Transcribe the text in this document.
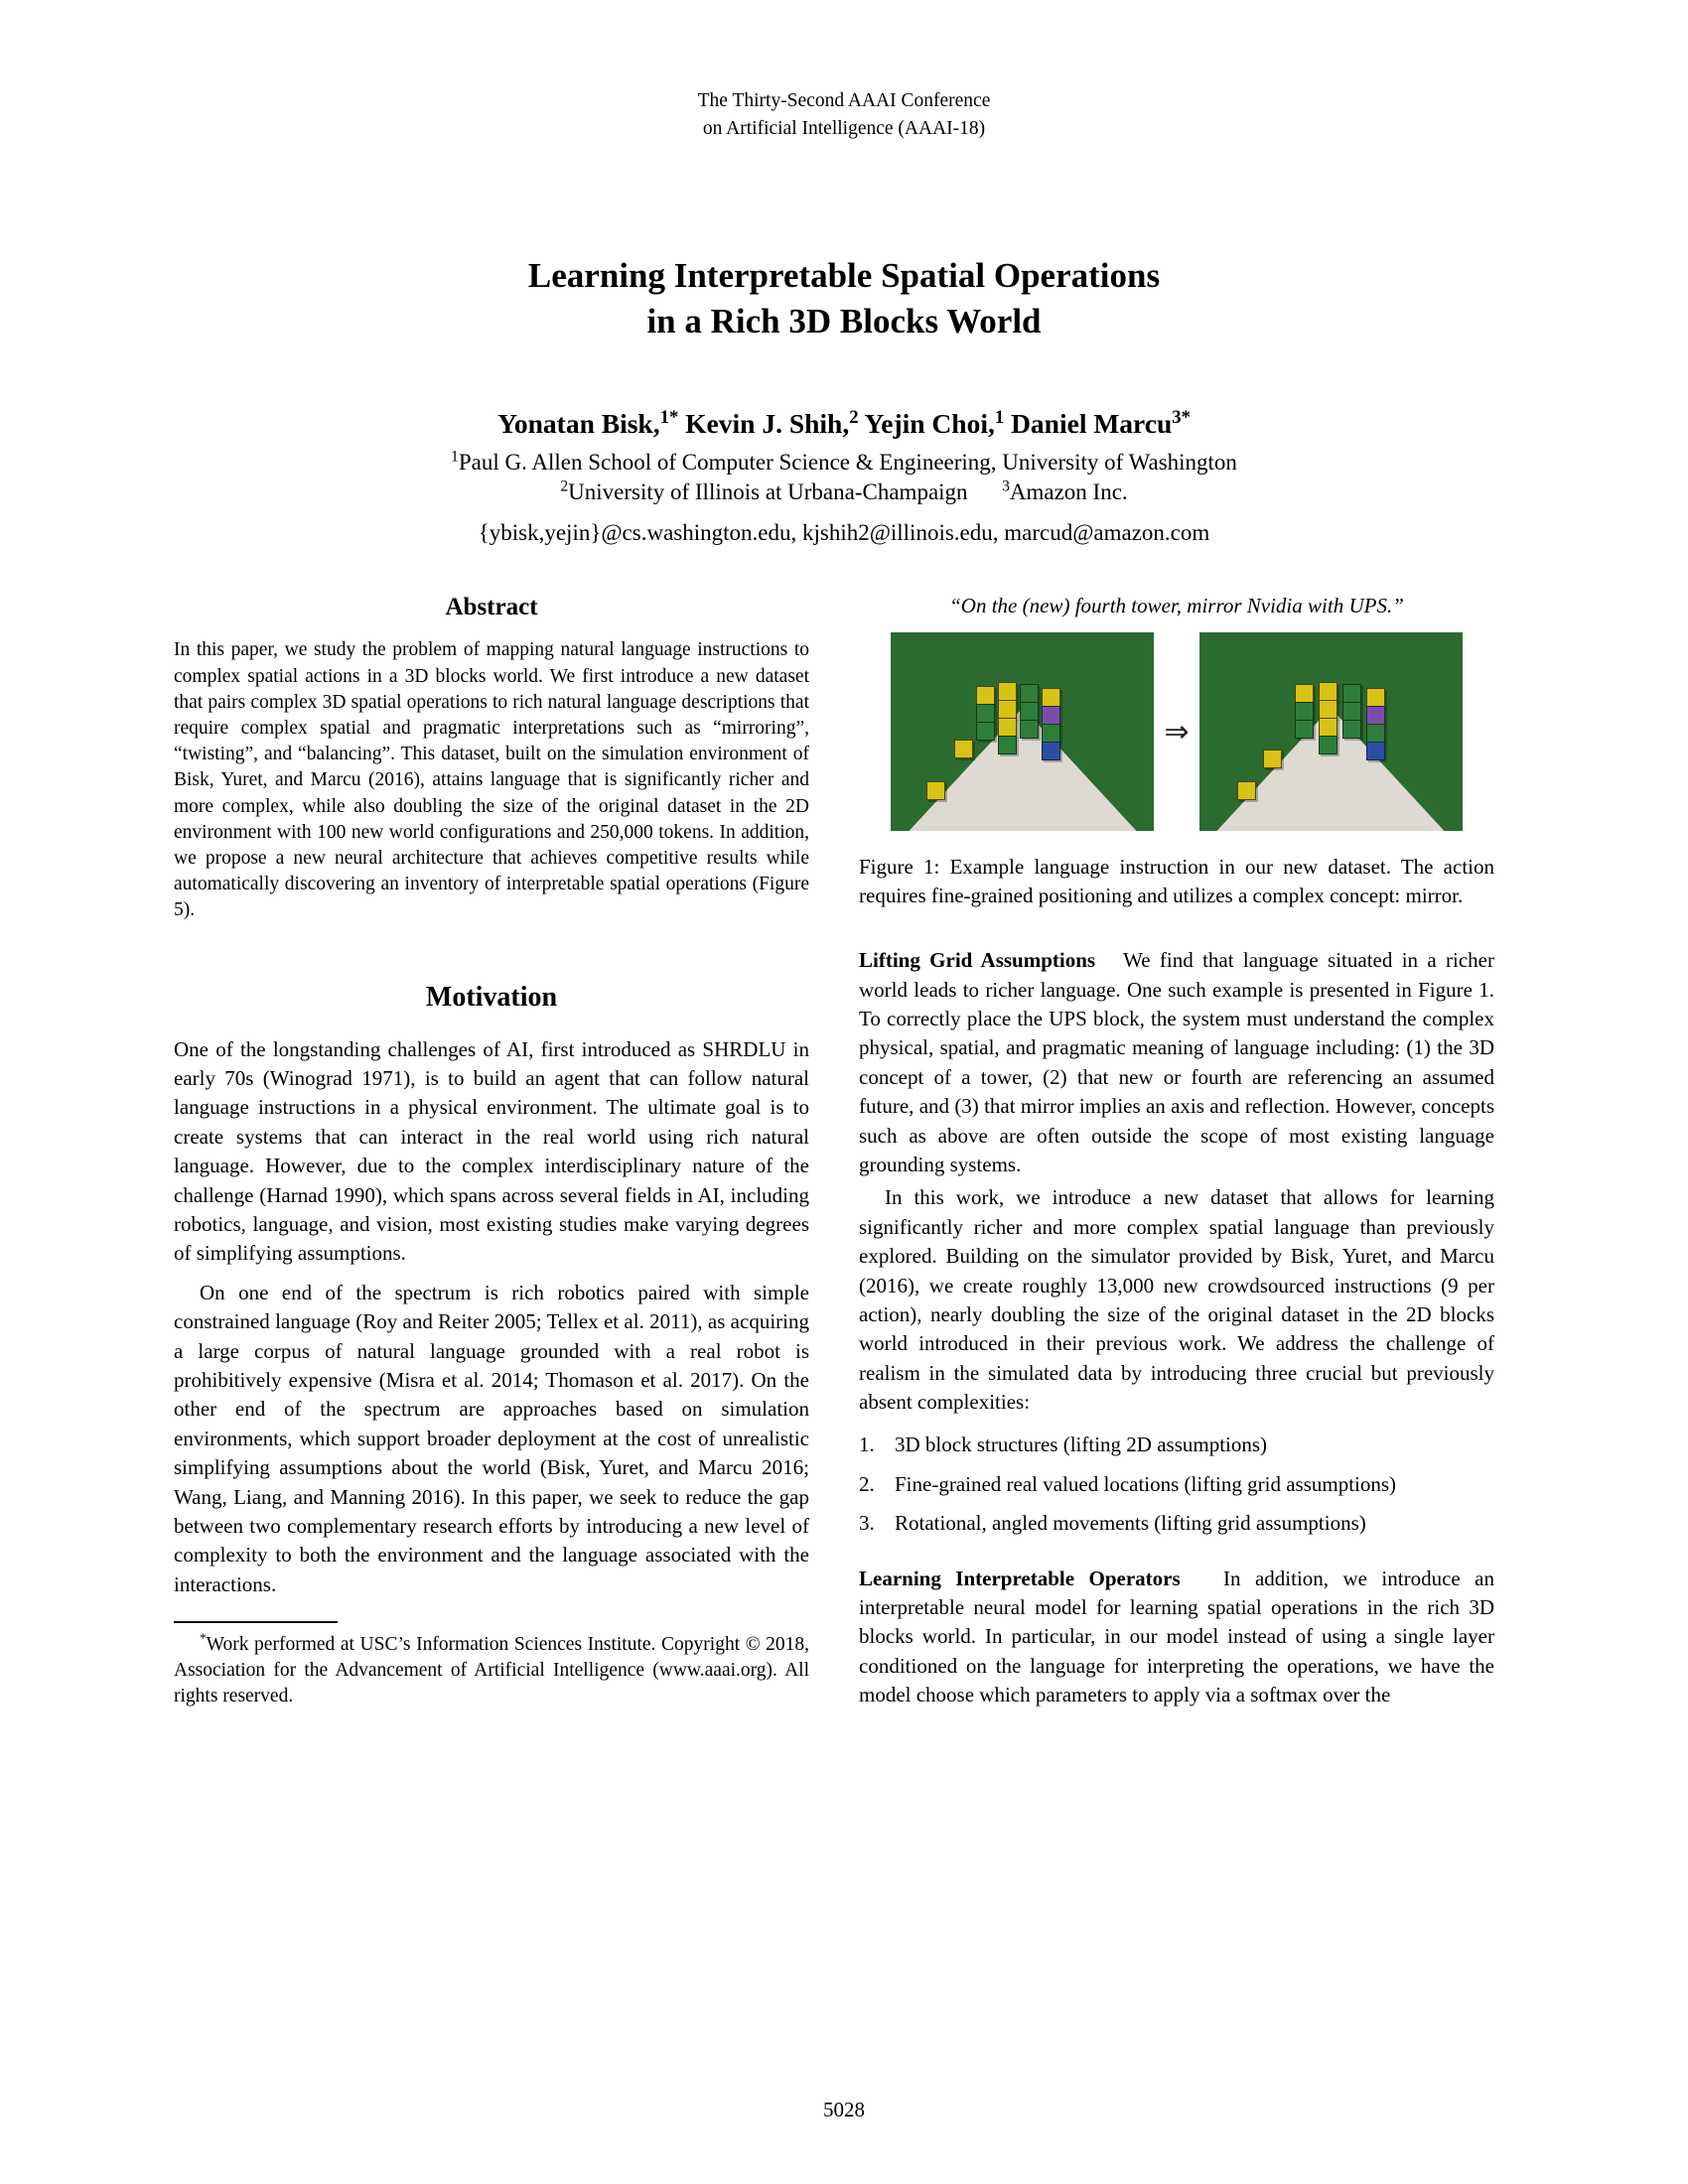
The Thirty-Second AAAI Conference
on Artificial Intelligence (AAAI-18)
Learning Interpretable Spatial Operations
in a Rich 3D Blocks World
Yonatan Bisk,$^{1*}$ Kevin J. Shih,$^2$ Yejin Choi,$^1$ Daniel Marcu$^{3*}$
$^1$Paul G. Allen School of Computer Science & Engineering, University of Washington
$^2$University of Illinois at Urbana-Champaign $^3$Amazon Inc.
{ybisk,yejin}@cs.washington.edu, kjshih2@illinois.edu, marcud@amazon.com
Abstract
In this paper, we study the problem of mapping natural language instructions to complex spatial actions in a 3D blocks world. We first introduce a new dataset that pairs complex 3D spatial operations to rich natural language descriptions that require complex spatial and pragmatic interpretations such as “mirroring”, “twisting”, and “balancing”. This dataset, built on the simulation environment of Bisk, Yuret, and Marcu (2016), attains language that is significantly richer and more complex, while also doubling the size of the original dataset in the 2D environment with 100 new world configurations and 250,000 tokens. In addition, we propose a new neural architecture that achieves competitive results while automatically discovering an inventory of interpretable spatial operations (Figure 5).
Motivation

One of the longstanding challenges of AI, first introduced as SHRDLU in early 70s (Winograd 1971), is to build an agent that can follow natural language instructions in a physical environment. The ultimate goal is to create systems that can interact in the real world using rich natural language. However, due to the complex interdisciplinary nature of the challenge (Harnad 1990), which spans across several fields in AI, including robotics, language, and vision, most existing studies make varying degrees of simplifying assumptions.

On one end of the spectrum is rich robotics paired with simple constrained language (Roy and Reiter 2005; Tellex et al. 2011), as acquiring a large corpus of natural language grounded with a real robot is prohibitively expensive (Misra et al. 2014; Thomason et al. 2017). On the other end of the spectrum are approaches based on simulation environments, which support broader deployment at the cost of unrealistic simplifying assumptions about the world (Bisk, Yuret, and Marcu 2016; Wang, Liang, and Manning 2016). In this paper, we seek to reduce the gap between two complementary research efforts by introducing a new level of complexity to both the environment and the language associated with the interactions.

*Work performed at USC’s Information Sciences Institute. Copyright © 2018, Association for the Advancement of Artificial Intelligence (www.aaai.org). All rights reserved.
“On the (new) fourth tower, mirror Nvidia with UPS.”
⇒
Figure 1: Example language instruction in our new dataset. The action requires fine-grained positioning and utilizes a complex concept: mirror.

Lifting Grid Assumptions We find that language situated in a richer world leads to richer language. One such example is presented in Figure 1. To correctly place the UPS block, the system must understand the complex physical, spatial, and pragmatic meaning of language including: (1) the 3D concept of a tower, (2) that new or fourth are referencing an assumed future, and (3) that mirror implies an axis and reflection. However, concepts such as above are often outside the scope of most existing language grounding systems.

In this work, we introduce a new dataset that allows for learning significantly richer and more complex spatial language than previously explored. Building on the simulator provided by Bisk, Yuret, and Marcu (2016), we create roughly 13,000 new crowdsourced instructions (9 per action), nearly doubling the size of the original dataset in the 2D blocks world introduced in their previous work. We address the challenge of realism in the simulated data by introducing three crucial but previously absent complexities:

1. 3D block structures (lifting 2D assumptions)
2. Fine-grained real valued locations (lifting grid assumptions)
3. Rotational, angled movements (lifting grid assumptions)

Learning Interpretable Operators In addition, we introduce an interpretable neural model for learning spatial operations in the rich 3D blocks world. In particular, in our model instead of using a single layer conditioned on the language for interpreting the operations, we have the model choose which parameters to apply via a softmax over the

5028
